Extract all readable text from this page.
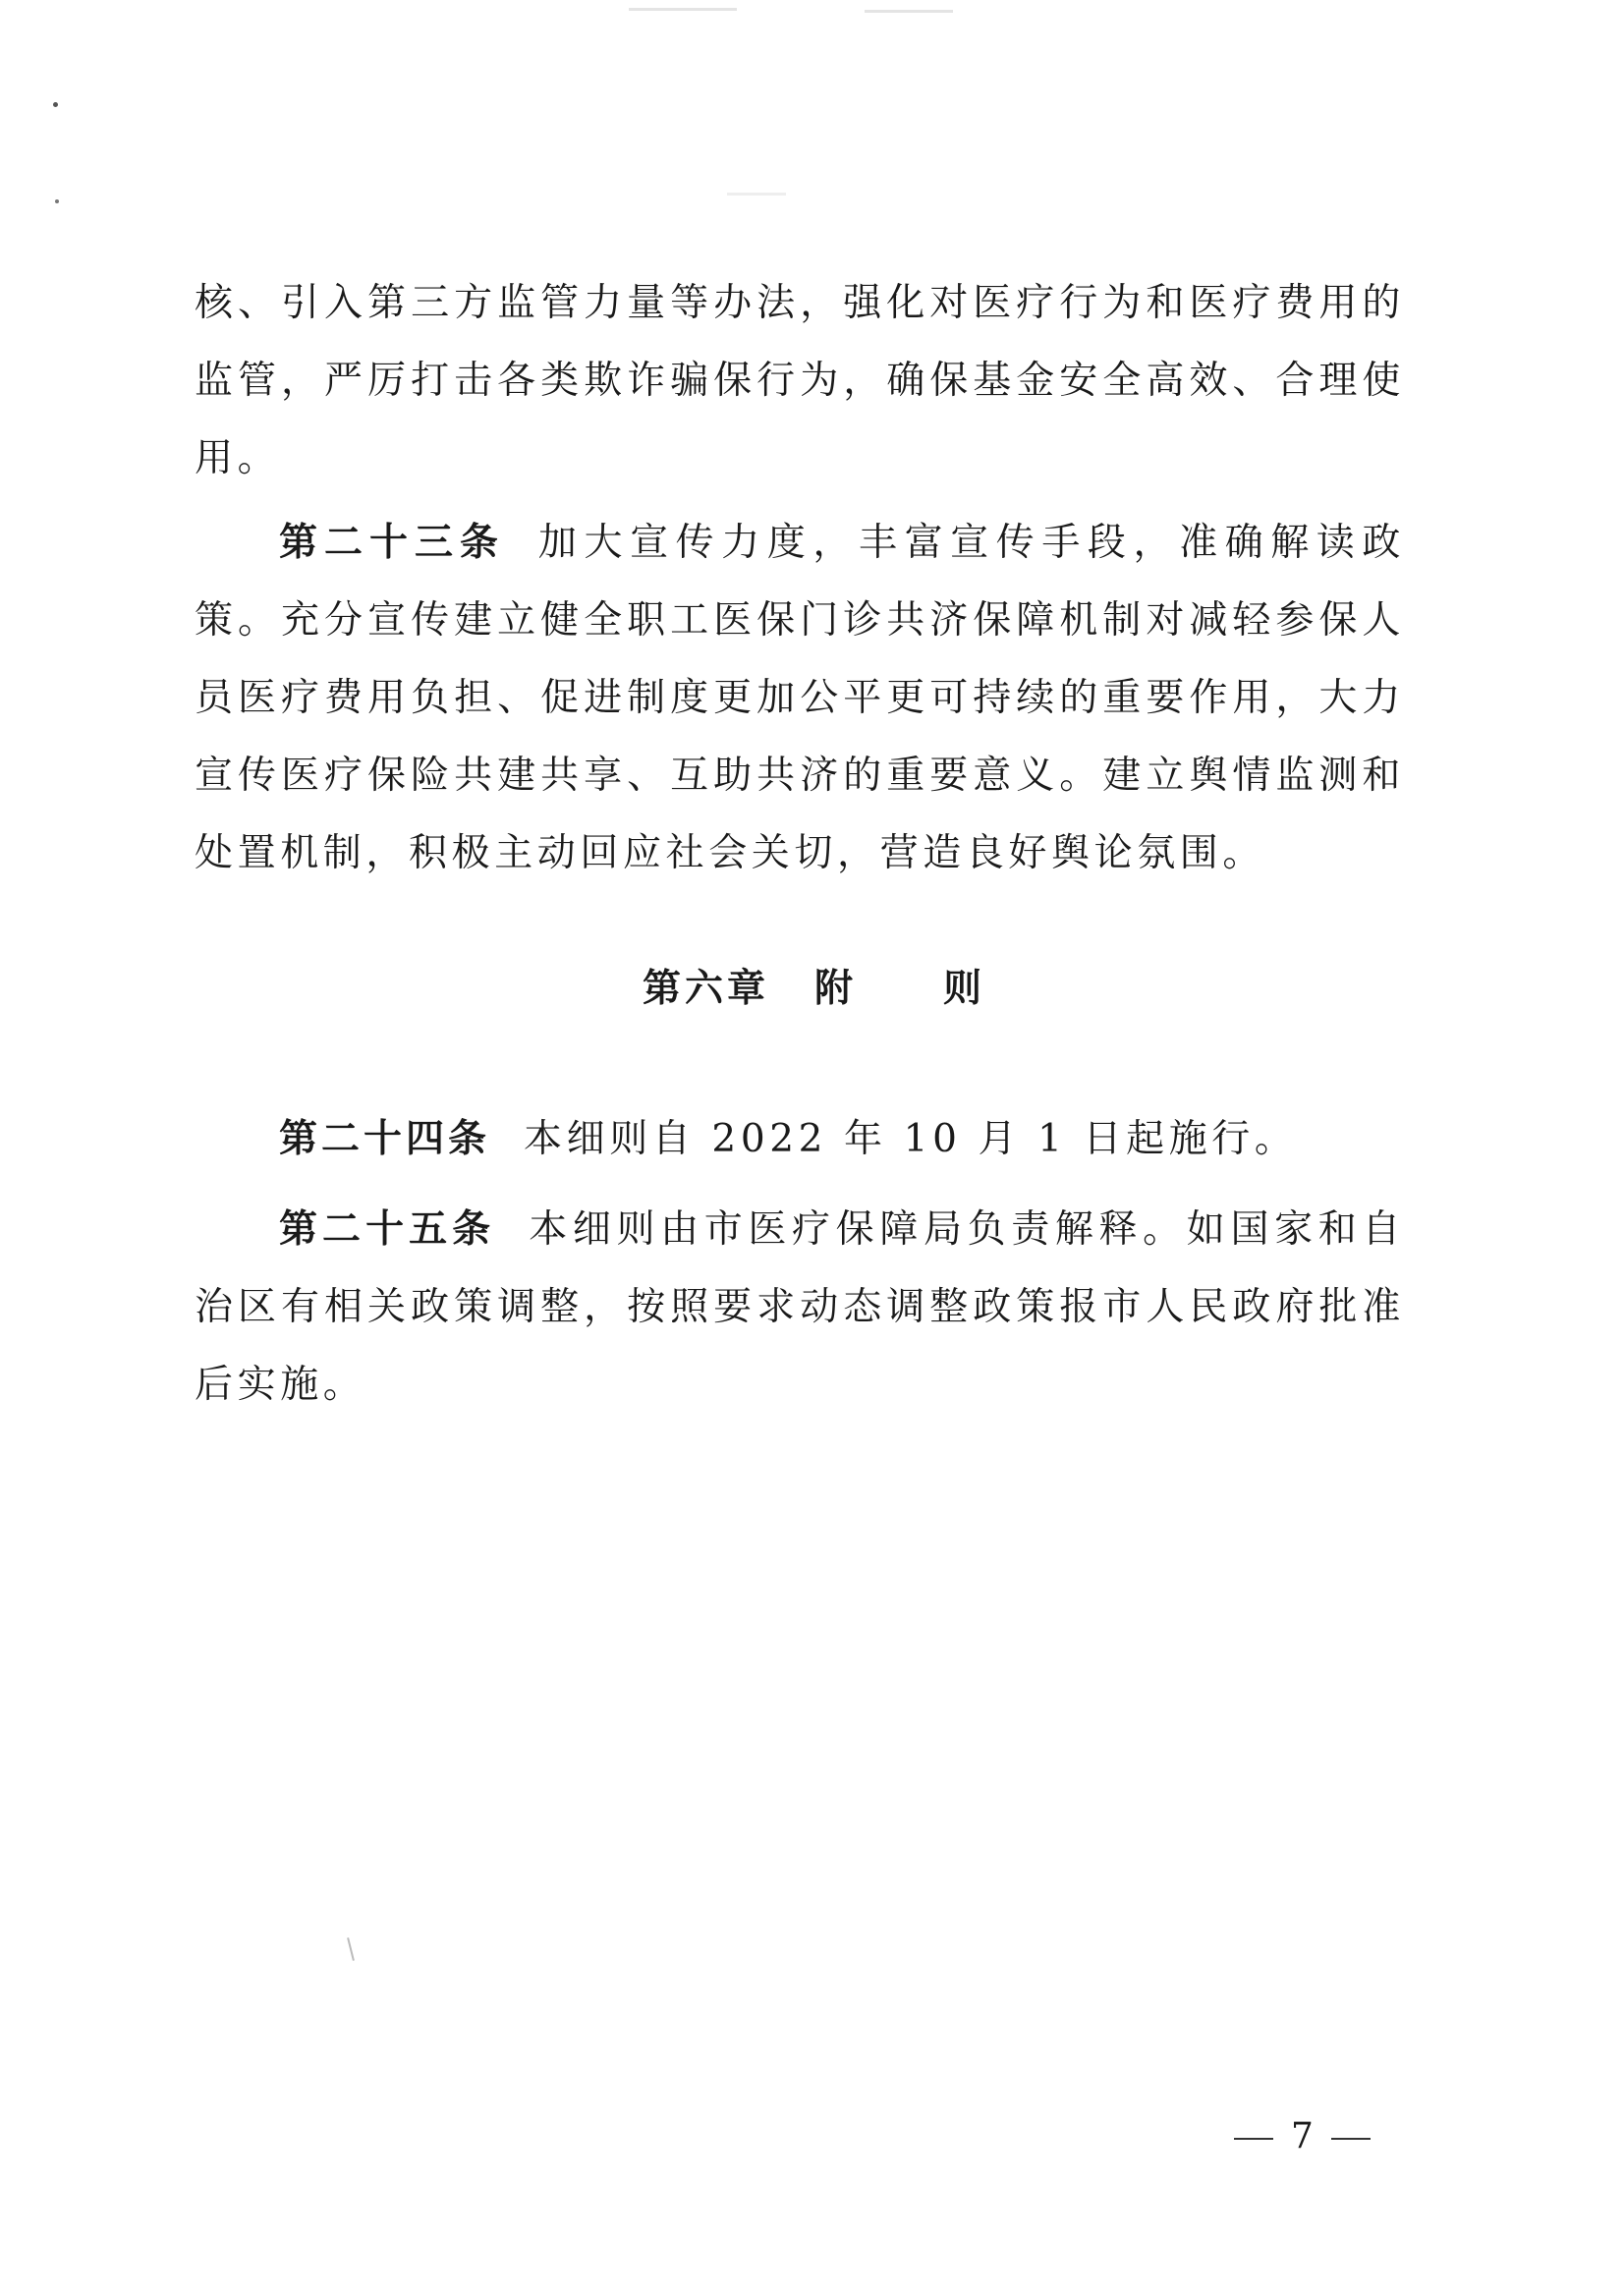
核、引入第三方监管力量等办法，强化对医疗行为和医疗费用的监管，严厉打击各类欺诈骗保行为，确保基金安全高效、合理使用。

第二十三条 加大宣传力度，丰富宣传手段，准确解读政策。充分宣传建立健全职工医保门诊共济保障机制对减轻参保人员医疗费用负担、促进制度更加公平更可持续的重要作用，大力宣传医疗保险共建共享、互助共济的重要意义。建立舆情监测和处置机制，积极主动回应社会关切，营造良好舆论氛围。

第六章 附 则

第二十四条 本细则自 2022 年 10 月 1 日起施行。

第二十五条 本细则由市医疗保障局负责解释。如国家和自治区有相关政策调整，按照要求动态调整政策报市人民政府批准后实施。

7
